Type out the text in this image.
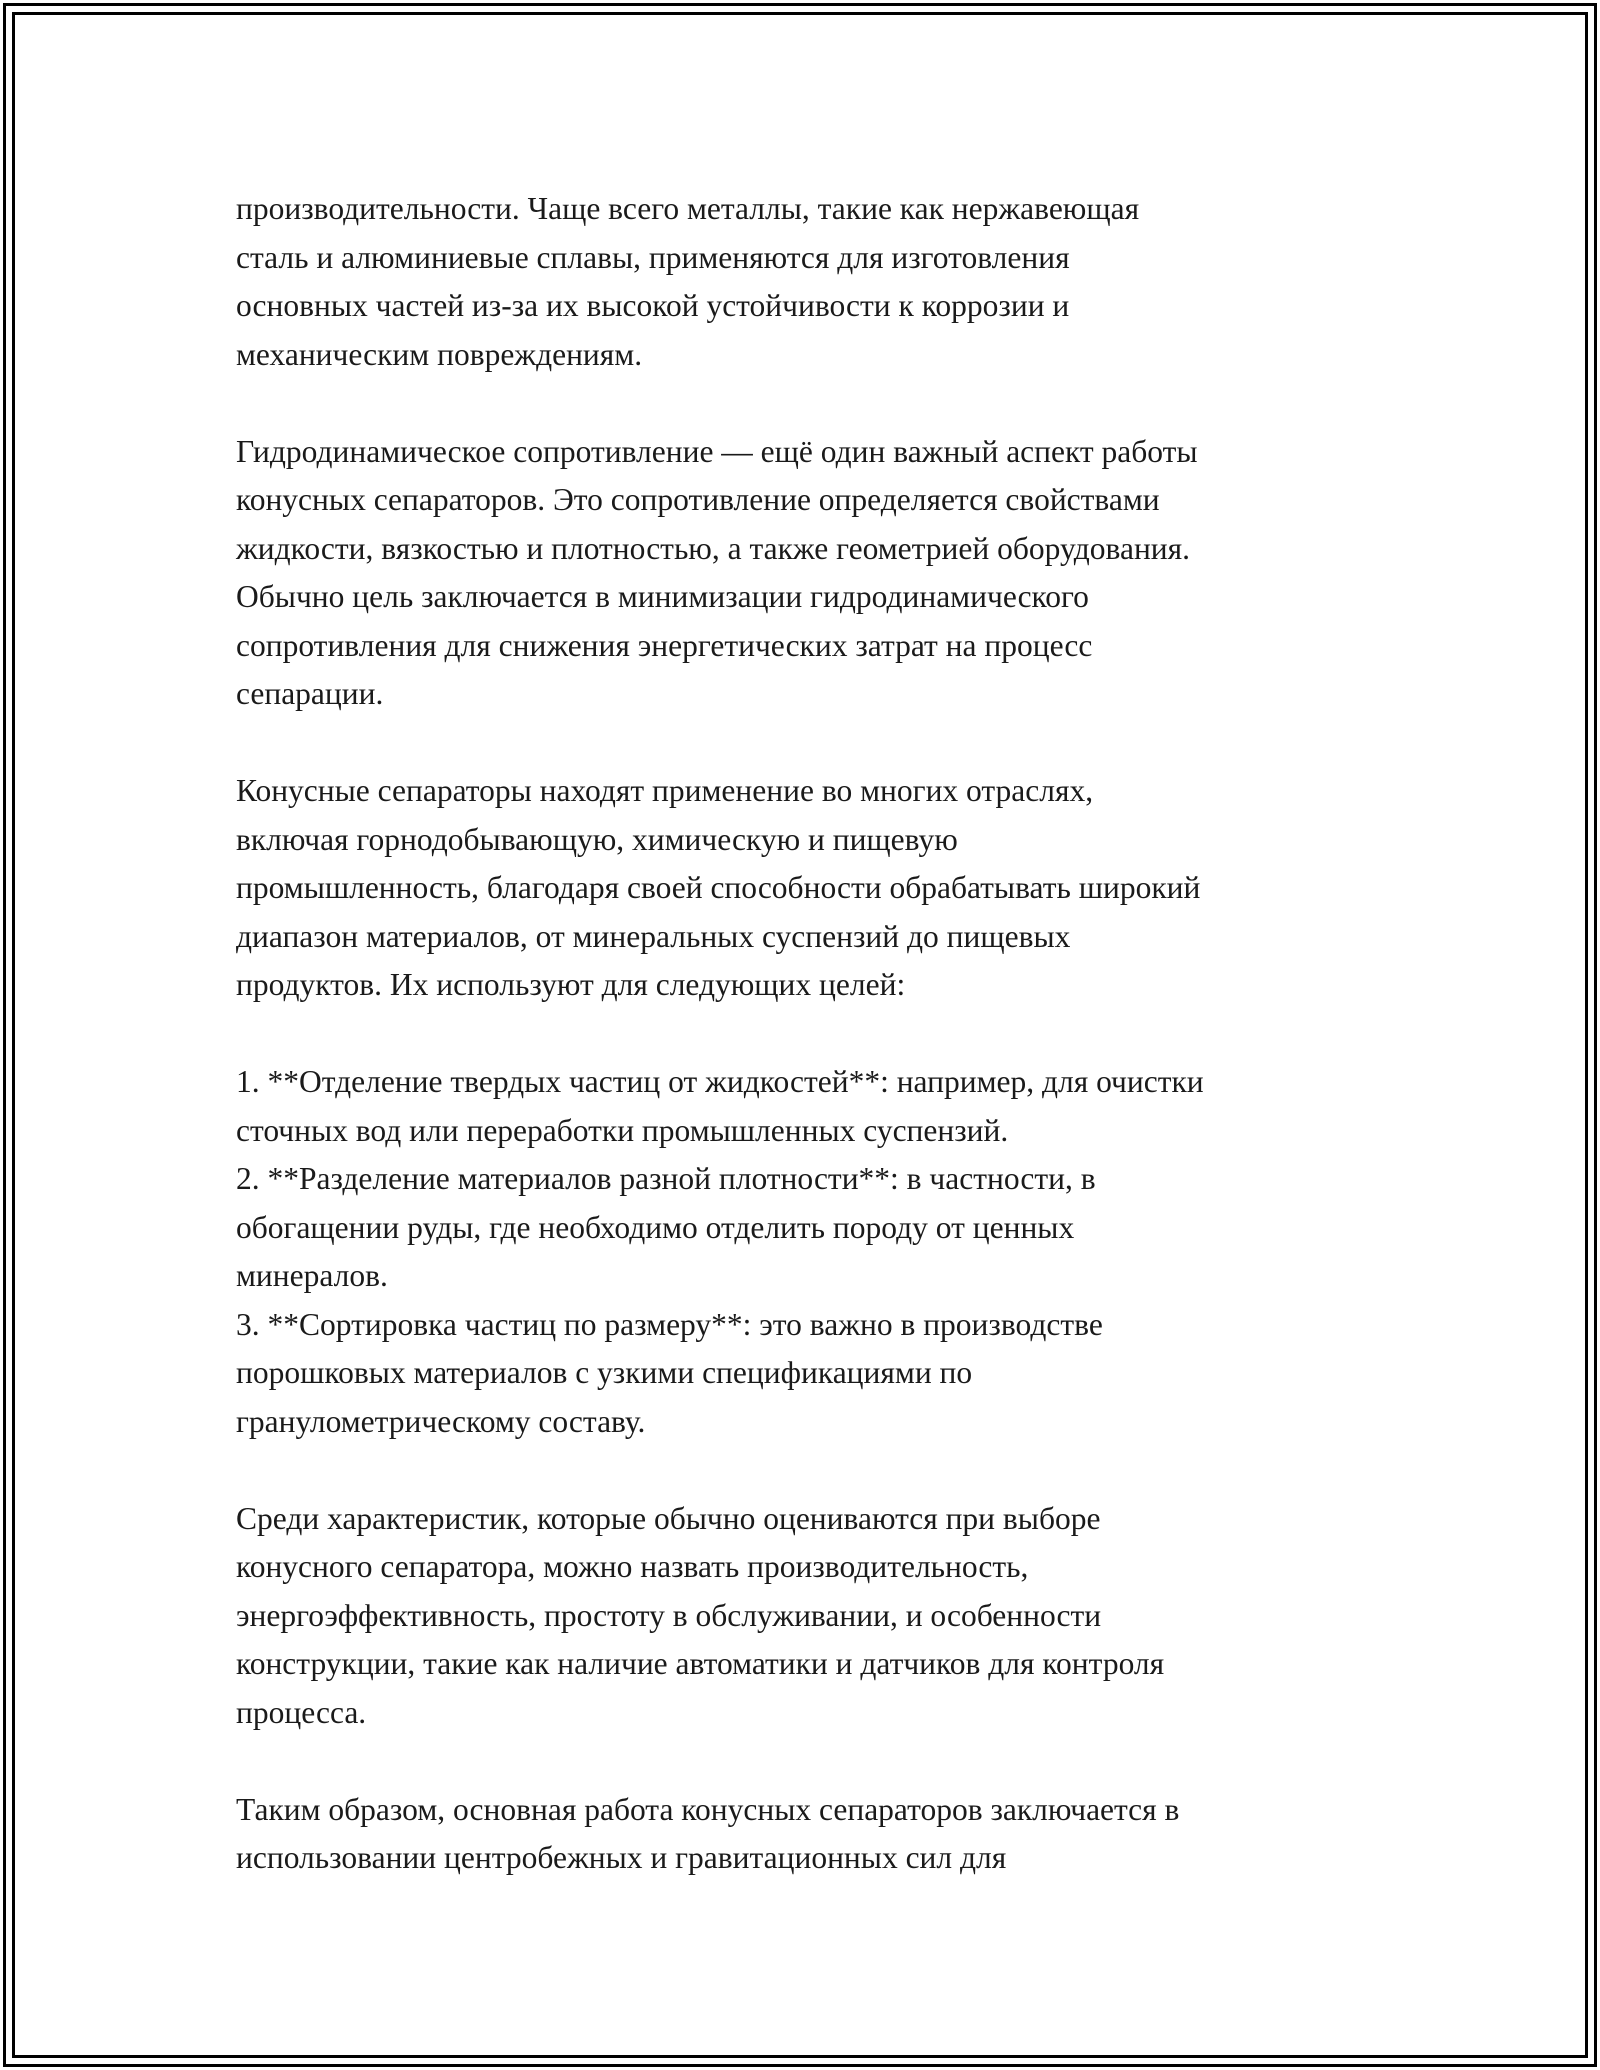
производительности. Чаще всего металлы, такие как нержавеющая
сталь и алюминиевые сплавы, применяются для изготовления
основных частей из-за их высокой устойчивости к коррозии и
механическим повреждениям.

Гидродинамическое сопротивление — ещё один важный аспект работы
конусных сепараторов. Это сопротивление определяется свойствами
жидкости, вязкостью и плотностью, а также геометрией оборудования.
Обычно цель заключается в минимизации гидродинамического
сопротивления для снижения энергетических затрат на процесс
сепарации.

Конусные сепараторы находят применение во многих отраслях,
включая горнодобывающую, химическую и пищевую
промышленность, благодаря своей способности обрабатывать широкий
диапазон материалов, от минеральных суспензий до пищевых
продуктов. Их используют для следующих целей:

1. **Отделение твердых частиц от жидкостей**: например, для очистки
сточных вод или переработки промышленных суспензий.
2. **Разделение материалов разной плотности**: в частности, в
обогащении руды, где необходимо отделить породу от ценных
минералов.
3. **Сортировка частиц по размеру**: это важно в производстве
порошковых материалов с узкими спецификациями по
гранулометрическому составу.

Среди характеристик, которые обычно оцениваются при выборе
конусного сепаратора, можно назвать производительность,
энергоэффективность, простоту в обслуживании, и особенности
конструкции, такие как наличие автоматики и датчиков для контроля
процесса.

Таким образом, основная работа конусных сепараторов заключается в
использовании центробежных и гравитационных сил для
